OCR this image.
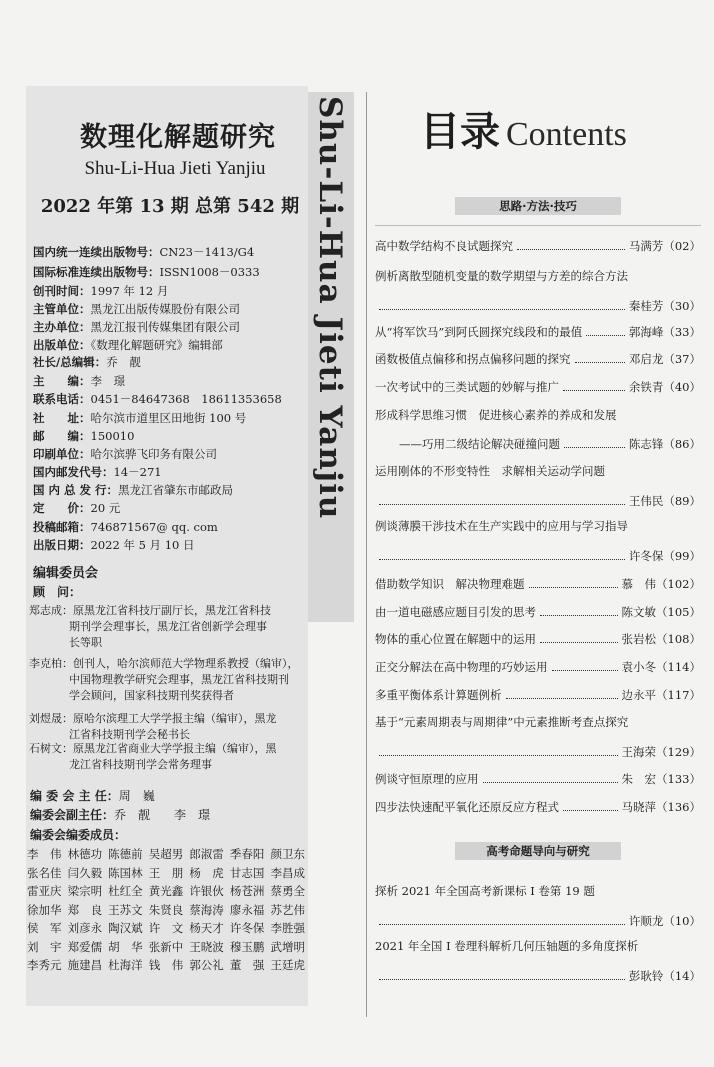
Shu-Li-Hua Jieti Yanjiu
数理化解题研究
Shu-Li-Hua Jieti Yanjiu
2022 年第 13 期 总第 542 期
国内统一连续出版物号：CN23－1413/G4
国际标准连续出版物号：ISSN1008－0333
创刊时间：1997 年 12 月
主管单位：黑龙江出版传媒股份有限公司
主办单位：黑龙江报刊传媒集团有限公司
出版单位：《数理化解题研究》编辑部
社长/总编辑：乔　靓
主　　编：李　璟
联系电话：0451－84647368　18611353658
社　　址：哈尔滨市道里区田地街 100 号
邮　　编：150010
印刷单位：哈尔滨骅飞印务有限公司
国内邮发代号：14－271
国 内 总 发 行：黑龙江省肇东市邮政局
定　　价：20 元
投稿邮箱：746871567@ qq. com
出版日期：2022 年 5 月 10 日
编辑委员会
顾　问：
郑志成：原黑龙江省科技厅副厅长，黑龙江省科技
期刊学会理事长，黑龙江省创新学会理事
长等职
李克柏：创刊人，哈尔滨师范大学物理系教授（编审），
中国物理教学研究会理事，黑龙江省科技期刊
学会顾问，国家科技期刊奖获得者
刘煜晟：原哈尔滨理工大学学报主编（编审），黑龙
江省科技期刊学会秘书长
石树文：原黑龙江省商业大学学报主编（编审），黑
龙江省科技期刊学会常务理事
编 委 会 主 任：周　巍
编委会副主任：乔　靓　　李　璟
编委会编委成员：
李　伟 林德功 陈德前 吴超男 郎淑雷 季春阳 颜卫东
张名佳 闫久毅 陈国林 王　朋 杨　虎 甘志国 李昌成
雷亚庆 梁宗明 杜红全 黄光鑫 许银伙 杨苍洲 蔡勇全
徐加华 郑　良 王苏文 朱贤良 蔡海涛 廖永福 苏艺伟
侯　军 刘彦永 陶汉斌 许　文 杨天才 许冬保 李胜强
刘　宇 郑爱儒 胡　华 张新中 王晓波 穆玉鹏 武增明
李秀元 施建昌 杜海洋 钱　伟 郭公礼 董　强 王廷虎
目录 Contents
思路·方法·技巧
高考命题导向与研究
高中数学结构不良试题探究	马满芳（02）
例析离散型随机变量的数学期望与方差的综合方法
秦桂芳（30）
从“将军饮马”到阿氏圆探究线段和的最值	郭海峰（33）
函数极值点偏移和拐点偏移问题的探究	邓启龙（37）
一次考试中的三类试题的妙解与推广	余铁青（40）
形成科学思维习惯　促进核心素养的养成和发展
——巧用二级结论解决碰撞问题	陈志锋（86）
运用刚体的不形变特性　求解相关运动学问题
王伟民（89）
例谈薄膜干涉技术在生产实践中的应用与学习指导
许冬保（99）
借助数学知识　解决物理难题	慕　伟（102）
由一道电磁感应题目引发的思考	陈文敏（105）
物体的重心位置在解题中的运用	张岩松（108）
正交分解法在高中物理的巧妙运用	袁小冬（114）
多重平衡体系计算题例析	边永平（117）
基于“元素周期表与周期律”中元素推断考查点探究
王海荣（129）
例谈守恒原理的应用	朱　宏（133）
四步法快速配平氧化还原反应方程式	马晓萍（136）
探析 2021 年全国高考新课标 Ⅰ 卷第 19 题
许顺龙（10）
2021 年全国 Ⅰ 卷理科解析几何压轴题的多角度探析
彭耿铃（14）
